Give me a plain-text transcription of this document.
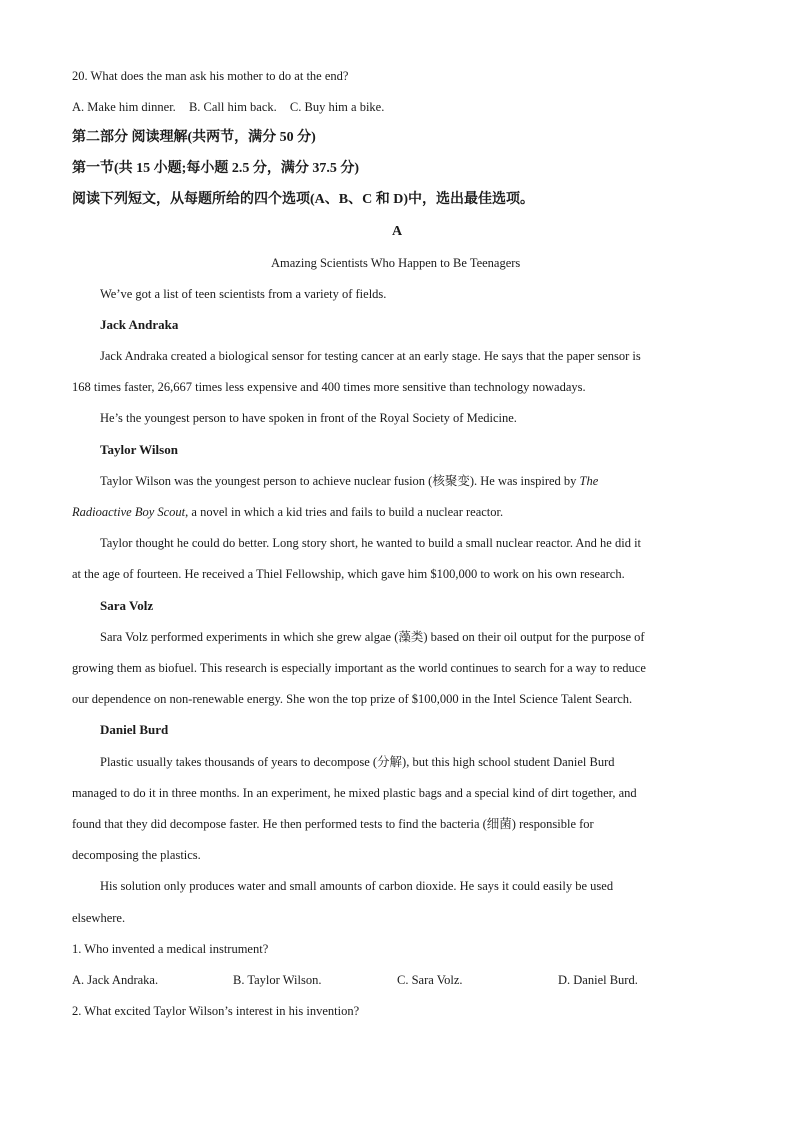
20. What does the man ask his mother to do at the end?
A. Make him dinner. B. Call him back. C. Buy him a bike.
第二部分 阅读理解(共两节，满分 50 分)
第一节(共 15 小题;每小题 2.5 分，满分 37.5 分)
阅读下列短文，从每题所给的四个选项(A、B、C 和 D)中，选出最佳选项。
A
Amazing Scientists Who Happen to Be Teenagers
We’ve got a list of teen scientists from a variety of fields.
Jack Andraka
Jack Andraka created a biological sensor for testing cancer at an early stage. He says that the paper sensor is
168 times faster, 26,667 times less expensive and 400 times more sensitive than technology nowadays.
He’s the youngest person to have spoken in front of the Royal Society of Medicine.
Taylor Wilson
Taylor Wilson was the youngest person to achieve nuclear fusion (核聚变). He was inspired by The
Radioactive Boy Scout, a novel in which a kid tries and fails to build a nuclear reactor.
Taylor thought he could do better. Long story short, he wanted to build a small nuclear reactor. And he did it
at the age of fourteen. He received a Thiel Fellowship, which gave him $100,000 to work on his own research.
Sara Volz
Sara Volz performed experiments in which she grew algae (藻类) based on their oil output for the purpose of
growing them as biofuel. This research is especially important as the world continues to search for a way to reduce
our dependence on non-renewable energy. She won the top prize of $100,000 in the Intel Science Talent Search.
Daniel Burd
Plastic usually takes thousands of years to decompose (分解), but this high school student Daniel Burd
managed to do it in three months. In an experiment, he mixed plastic bags and a special kind of dirt together, and
found that they did decompose faster. He then performed tests to find the bacteria (细菌) responsible for
decomposing the plastics.
His solution only produces water and small amounts of carbon dioxide. He says it could easily be used
elsewhere.
1. Who invented a medical instrument?
A. Jack Andraka.	B. Taylor Wilson.	C. Sara Volz.	D. Daniel Burd.
2. What excited Taylor Wilson’s interest in his invention?
